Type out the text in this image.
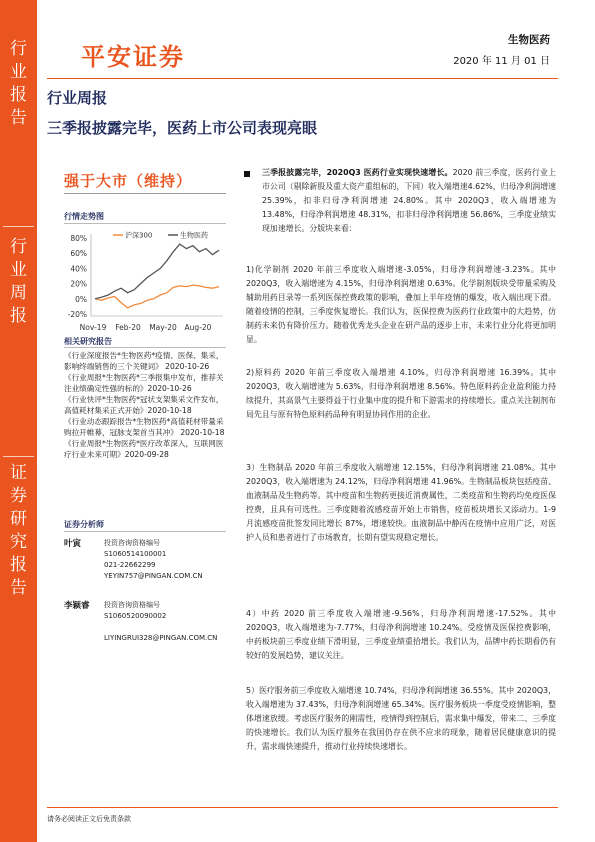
行业报告
行业周报
证券研究报告
平安证券
生物医药
2020 年 11 月 01 日
行业周报
三季报披露完毕，医药上市公司表现亮眼
强于大市（维持）
行情走势图
80%
60%
40%
20%
0%
-20%
Nov-19 Feb-20 May-20 Aug-20
沪深300	生物医药
相关研究报告
《行业深度报告*生物医药*疫情、医保、集采，影响终端销售的三个关键词》 2020-10-26
《行业周报*生物医药*三季报集中发布，推荐关注业绩确定性强的标的》2020-10-26
《行业快评*生物医药*冠状支架集采文件发布，高值耗材集采正式开始》2020-10-18
《行业动态跟踪报告*生物医药*高值耗材带量采购拉开帷幕，冠脉支架首当其冲》 2020-10-18
《行业周报*生物医药*医疗改革深入，互联网医疗行业未来可期》2020-09-28
证券分析师
叶寅	投资咨询资格编号
S1060514100001
021-22662299
YEYIN757@PINGAN.COM.CN
李颖睿 投资咨询资格编号
S1060520090002
LIYINGRUI328@PINGAN.COM.CN
三季报披露完毕，2020Q3 医药行业实现快速增长。2020 前三季度，医药行业上市公司（剔除新股及重大资产重组标的，下同）收入端增速4.62%，归母净利润增速 25.39%，扣非归母净利润增速 24.80%。其中 2020Q3，收入端增速为 13.48%，归母净利润增速 48.31%，扣非归母净利润增速 56.86%，三季度业绩实现加速增长。分版块来看：
1)化学制剂 2020 年前三季度收入端增速-3.05%，归母净利润增速-3.23%。其中 2020Q3，收入端增速为 4.15%，归母净利润增速 0.63%。化学制剂版块受带量采购及辅助用药目录等一系列医保控费政策的影响，叠加上半年疫情的爆发，收入端出现下滑。随着疫情的控制，三季度恢复增长。我们认为，医保控费为医药行业政策中的大趋势，仿制药未来仍有降价压力。随着优秀龙头企业在研产品的逐步上市，未来行业分化将更加明显。
2)原料药 2020 年前三季度收入端增速 4.10%，归母净利润增速 16.39%。其中 2020Q3，收入端增速为 5.63%，归母净利润增速 8.56%。特色原料药企业盈利能力持续提升，其高景气主要得益于行业集中度的提升和下游需求的持续增长。重点关注制剂布局先且与原有特色原料药品种有明显协同作用的企业。
3）生物制品 2020 年前三季度收入端增速 12.15%，归母净利润增速 21.08%。其中 2020Q3，收入端增速为 24.12%，归母净利润增速 41.96%。生物制品板块包括疫苗、血液制品及生物药等。其中疫苗和生物药更接近消费属性，二类疫苗和生物药均免疫医保控费，且具有可选性。三季度随着流感疫苗开始上市销售，疫苗板块增长又添动力。1-9 月流感疫苗批签发同比增长 87%，增速较快。血液制品中静丙在疫情中应用广泛，对医护人员和患者进行了市场教育，长期有望实现稳定增长。
4）中药 2020 前三季度收入端增速-9.56%，归母净利润增速-17.52%。其中 2020Q3，收入端增速为-7.77%，归母净利润增速 10.24%。受疫情及医保控费影响，中药板块前三季度业绩下滑明显，三季度业绩重拾增长。我们认为，品牌中药长期看仍有较好的发展趋势，建议关注。
5）医疗服务前三季度收入端增速 10.74%，归母净利润增速 36.55%。其中 2020Q3，收入端增速为 37.43%，归母净利润增速 65.34%。医疗服务板块一季度受疫情影响，整体增速放缓。考虑医疗服务的刚需性，疫情得到控制后，需求集中爆发，带来二、三季度的快速增长。我们认为医疗服务在我国仍存在供不应求的现象，随着居民健康意识的提升，需求端快速提升，推动行业持续快速增长。
请务必阅读正文后免责条款
